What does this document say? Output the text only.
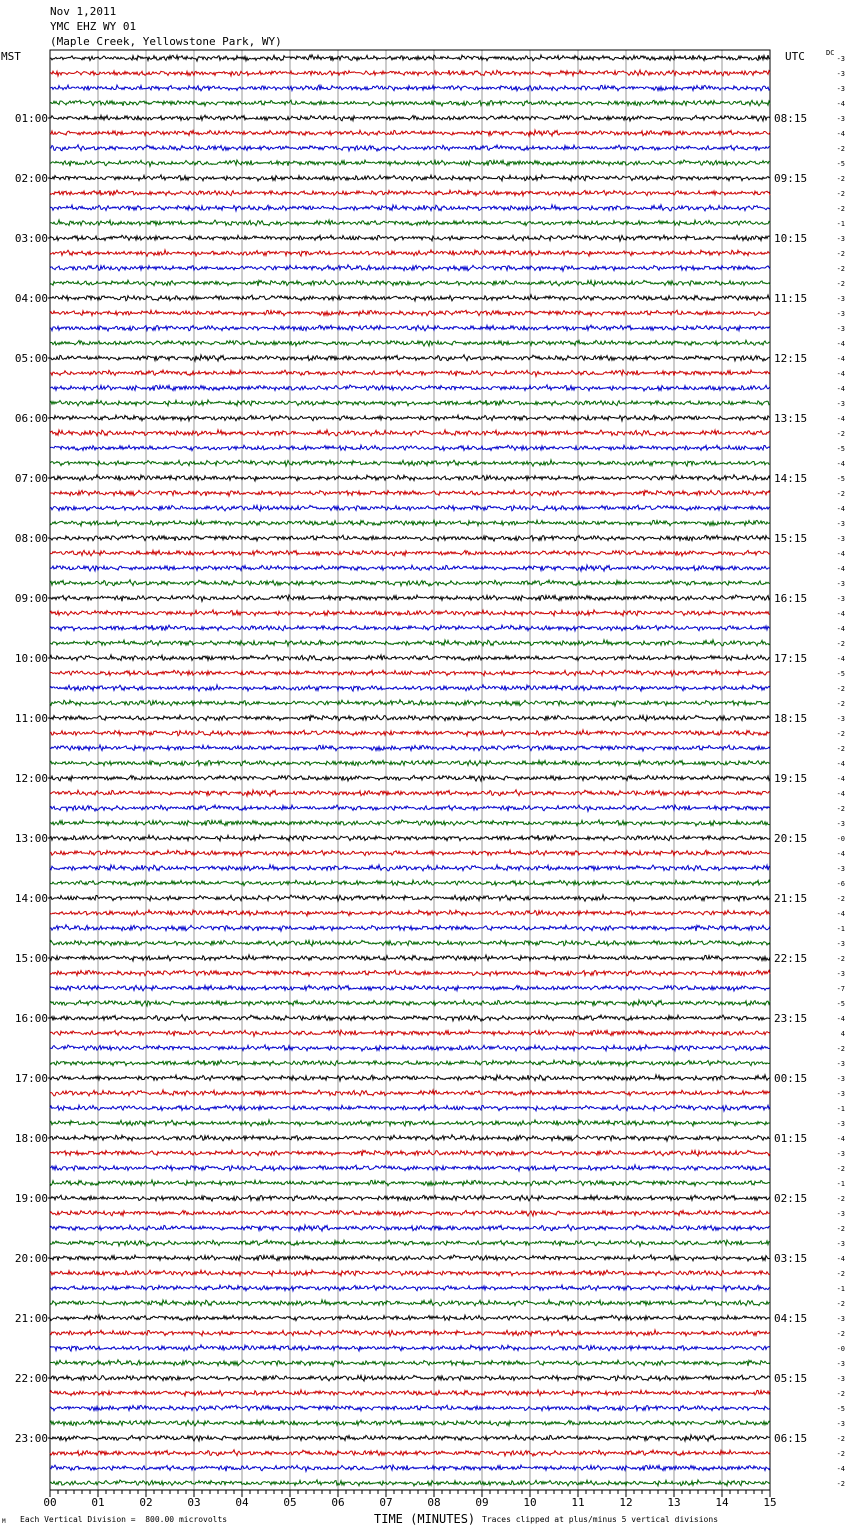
Nov 1,2011
YMC EHZ WY 01
(Maple Creek, Yellowstone Park, WY)
MST	UTC	DC
-3
-3
-3
-4
-3
-4
-2
-5
-2
-2
-2
-1
-3
-2
-2
-2
-3
-3
-3
-4
-4
-4
-4
-3
-4
-2
-5
-4
-5
-2
-4
-3
-3
-4
-4
-3
-3
-4
-4
-2
-4
-5
-2
-2
-3
-2
-2
-4
-4
-4
-2
-3
-0
-4
-3
-6
-2
-4
-1
-3
-2
-3
-7
-5
-4
4
-2
-3
-3
-3
-1
-3
-4
-3
-2
-1
-2
-3
-2
-3
-4
-2
-1
-2
-3
-2
-0
-3
-3
-2
-5
-3
-2
-2
-4
-2
01:00
02:00
03:00
04:00
05:00
06:00
07:00
08:00
09:00
10:00
11:00
12:00
13:00
14:00
15:00
16:00
17:00
18:00
19:00
20:00
21:00
22:00
23:00
08:15
09:15
10:15
11:15
12:15
13:15
14:15
15:15
16:15
17:15
18:15
19:15
20:15
21:15
22:15
23:15
00:15
01:15
02:15
03:15
04:15
05:15
06:15
00	01	02	03	04	05	06	07	08	09	10	11	12	13	14	15
M Each Vertical Division =  800.00 microvolts	TIME (MINUTES) Traces clipped at plus/minus 5 vertical divisions
